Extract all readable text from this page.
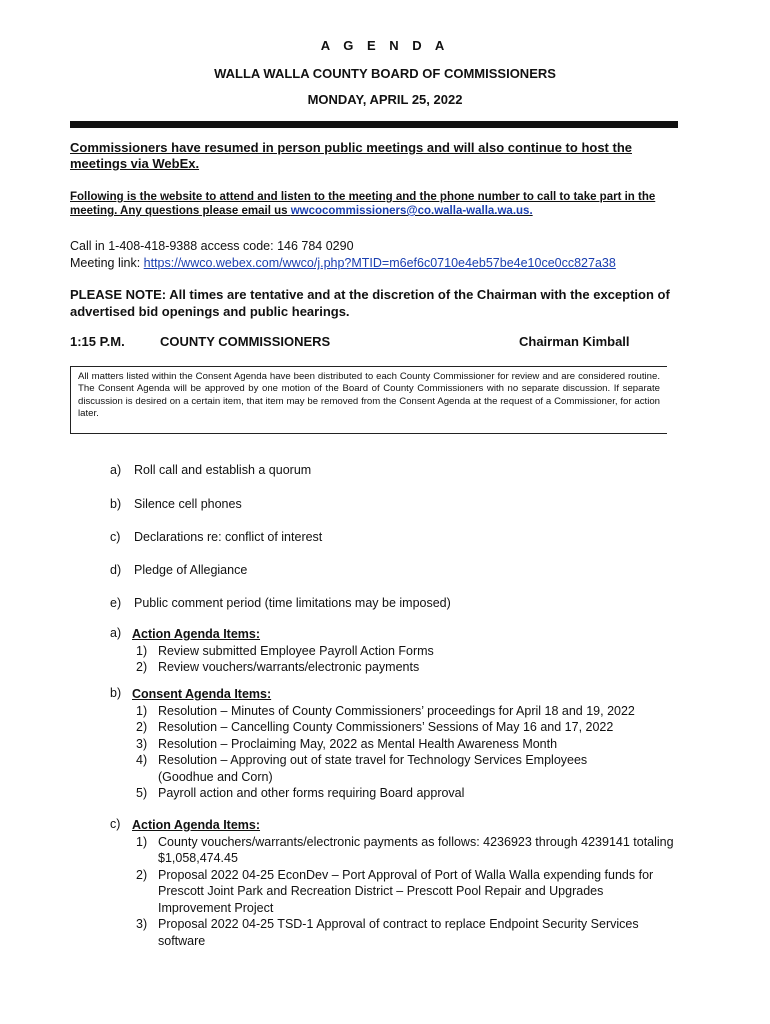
A G E N D A
WALLA WALLA COUNTY BOARD OF COMMISSIONERS
MONDAY, APRIL 25, 2022
Commissioners have resumed in person public meetings and will also continue to host the meetings via WebEx.
Following is the website to attend and listen to the meeting and the phone number to call to take part in the meeting. Any questions please email us wwcocommissioners@co.walla-walla.wa.us.
Call in 1-408-418-9388 access code: 146 784 0290
Meeting link: https://wwco.webex.com/wwco/j.php?MTID=m6ef6c0710e4eb57be4e10ce0cc827a38
PLEASE NOTE: All times are tentative and at the discretion of the Chairman with the exception of advertised bid openings and public hearings.
1:15 P.M.	COUNTY COMMISSIONERS	Chairman Kimball
All matters listed within the Consent Agenda have been distributed to each County Commissioner for review and are considered routine. The Consent Agenda will be approved by one motion of the Board of County Commissioners with no separate discussion. If separate discussion is desired on a certain item, that item may be removed from the Consent Agenda at the request of a Commissioner, for action later.
a) Roll call and establish a quorum
b) Silence cell phones
c) Declarations re: conflict of interest
d) Pledge of Allegiance
e) Public comment period (time limitations may be imposed)
a) Action Agenda Items:
1) Review submitted Employee Payroll Action Forms
2) Review vouchers/warrants/electronic payments
b) Consent Agenda Items:
1) Resolution – Minutes of County Commissioners’ proceedings for April 18 and 19, 2022
2) Resolution – Cancelling County Commissioners’ Sessions of May 16 and 17, 2022
3) Resolution – Proclaiming May, 2022 as Mental Health Awareness Month
4) Resolution – Approving out of state travel for Technology Services Employees (Goodhue and Corn)
5) Payroll action and other forms requiring Board approval
c) Action Agenda Items:
1) County vouchers/warrants/electronic payments as follows: 4236923 through 4239141 totaling $1,058,474.45
2) Proposal 2022 04-25 EconDev – Port Approval of Port of Walla Walla expending funds for Prescott Joint Park and Recreation District – Prescott Pool Repair and Upgrades Improvement Project
3) Proposal 2022 04-25 TSD-1 Approval of contract to replace Endpoint Security Services software
